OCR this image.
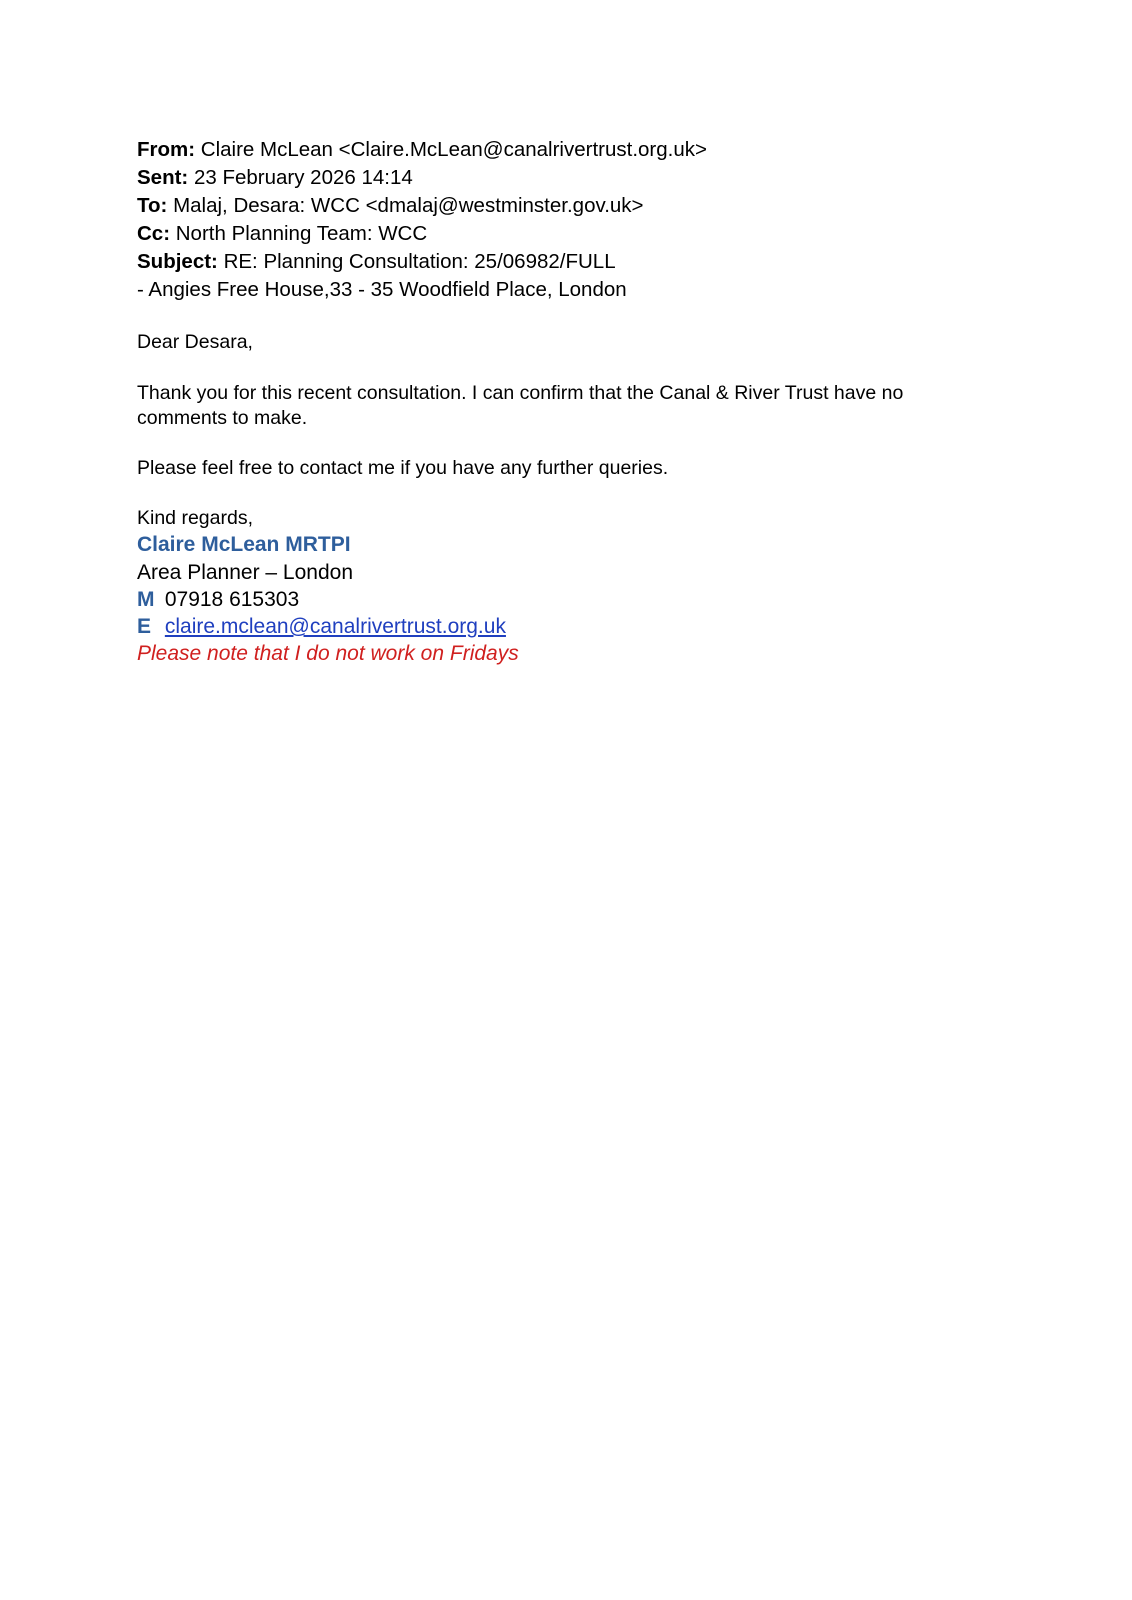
From: Claire McLean <Claire.McLean@canalrivertrust.org.uk>
Sent: 23 February 2026 14:14
To: Malaj, Desara: WCC <dmalaj@westminster.gov.uk>
Cc: North Planning Team: WCC
Subject: RE: Planning Consultation: 25/06982/FULL
- Angies Free House,33 - 35 Woodfield Place, London
Dear Desara,
Thank you for this recent consultation. I can confirm that the Canal & River Trust have no comments to make.
Please feel free to contact me if you have any further queries.
Kind regards,
Claire McLean MRTPI
Area Planner – London
M 07918 615303
E claire.mclean@canalrivertrust.org.uk
Please note that I do not work on Fridays
